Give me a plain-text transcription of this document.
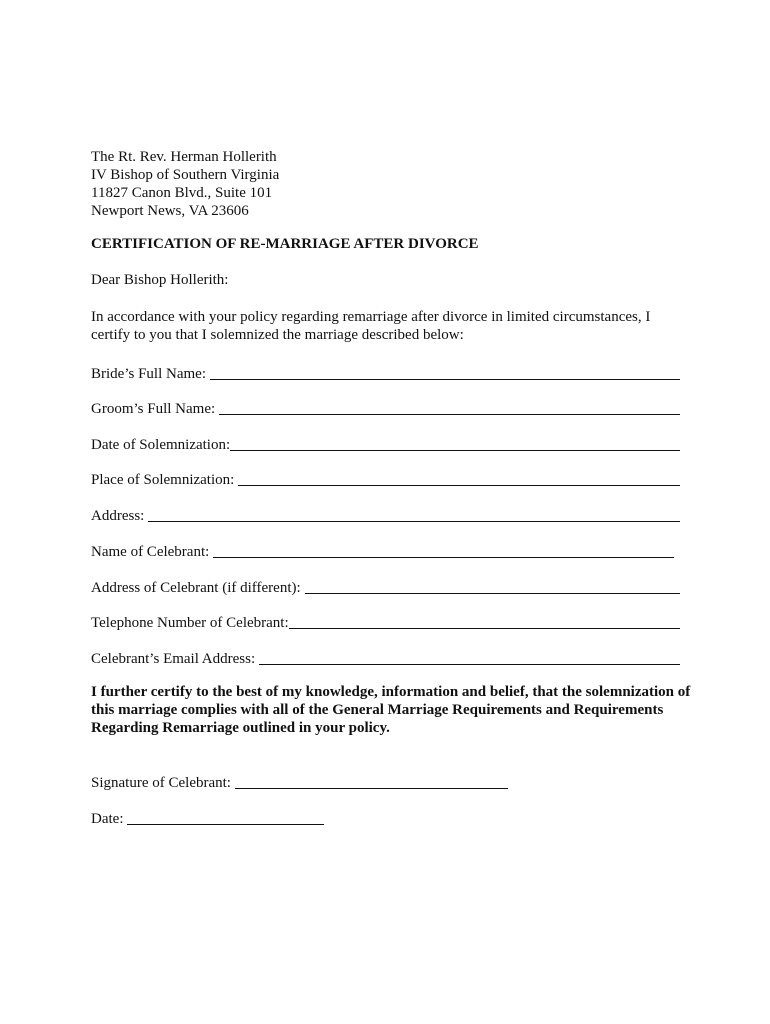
The Rt. Rev. Herman Hollerith
IV Bishop of Southern Virginia
11827 Canon Blvd., Suite 101
Newport News, VA 23606
CERTIFICATION OF RE-MARRIAGE AFTER DIVORCE
Dear Bishop Hollerith:
In accordance with your policy regarding remarriage after divorce in limited circumstances, I certify to you that I solemnized the marriage described below:
Bride’s Full Name:
Groom’s Full Name:
Date of Solemnization:
Place of Solemnization:
Address:
Name of Celebrant:
Address of Celebrant (if different):
Telephone Number of Celebrant:
Celebrant’s Email Address:
I further certify to the best of my knowledge, information and belief, that the solemnization of this marriage complies with all of the General Marriage Requirements and Requirements Regarding Remarriage outlined in your policy.
Signature of Celebrant:
Date:
